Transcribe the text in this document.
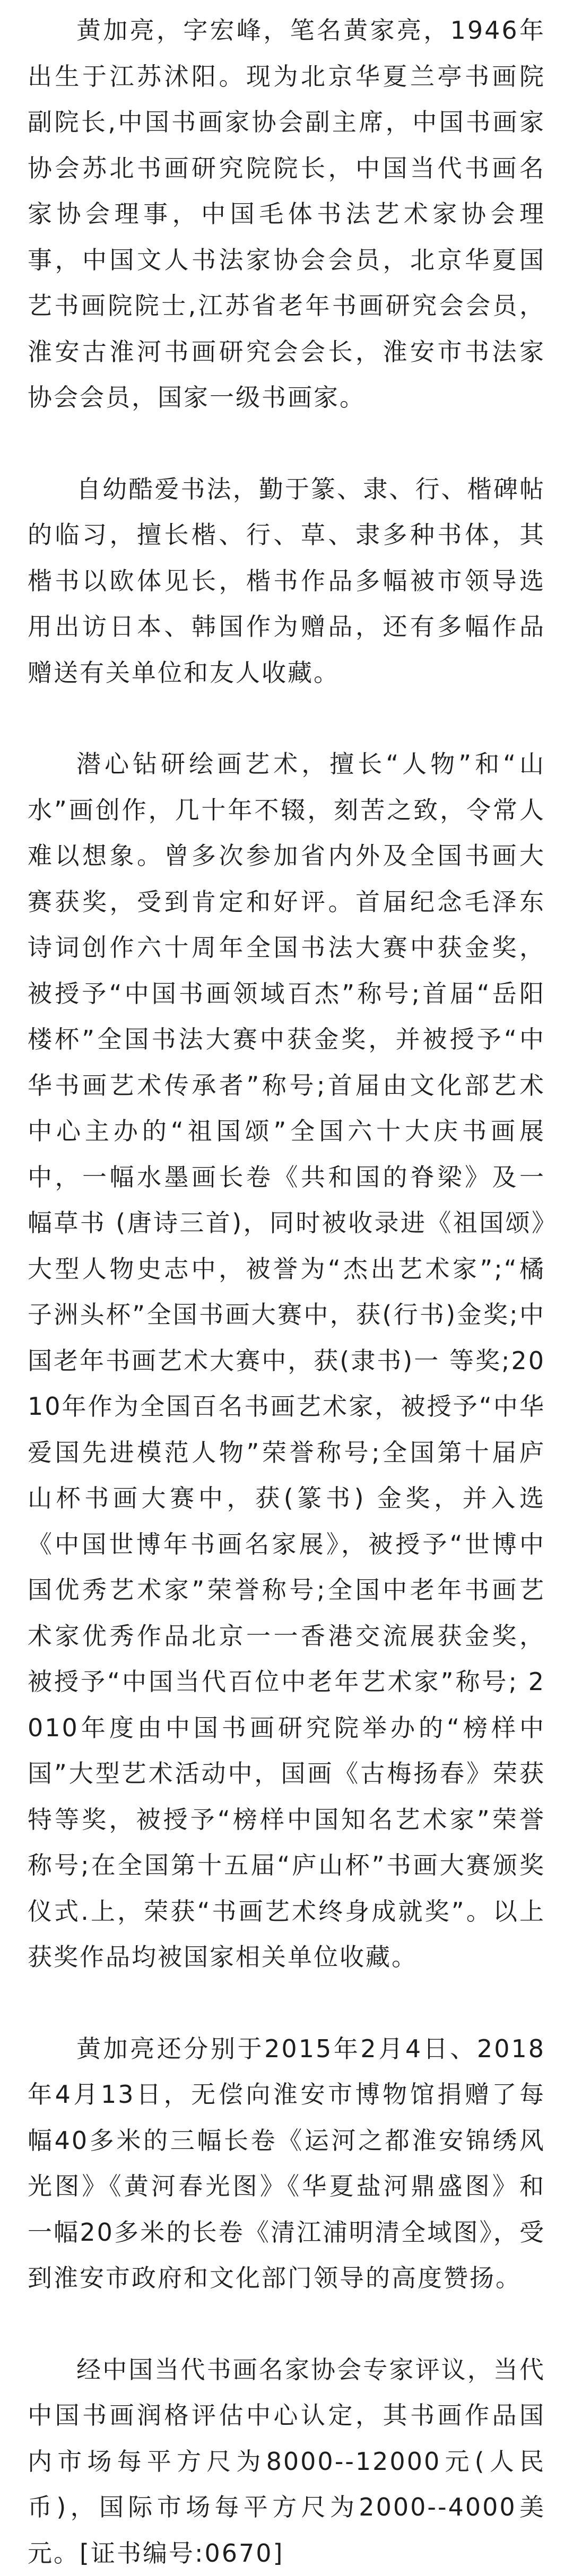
黄加亮，字宏峰，笔名黄家亮，1946年出生于江苏沭阳。现为北京华夏兰亭书画院副院长,中国书画家协会副主席，中国书画家协会苏北书画研究院院长，中国当代书画名家协会理事，中国毛体书法艺术家协会理事，中国文人书法家协会会员，北京华夏国艺书画院院士,江苏省老年书画研究会会员，淮安古淮河书画研究会会长，淮安市书法家协会会员，国家一级书画家。

自幼酷爱书法，勤于篆、隶、行、楷碑帖的临习，擅长楷、行、草、隶多种书体，其楷书以欧体见长，楷书作品多幅被市领导选用出访日本、韩国作为赠品，还有多幅作品赠送有关单位和友人收藏。

潜心钻研绘画艺术，擅长“人物”和“山水”画创作，几十年不辍，刻苦之致，令常人难以想象。曾多次参加省内外及全国书画大赛获奖，受到肯定和好评。首届纪念毛泽东诗词创作六十周年全国书法大赛中获金奖，被授予“中国书画领域百杰”称号;首届“岳阳楼杯”全国书法大赛中获金奖，并被授予“中华书画艺术传承者”称号;首届由文化部艺术中心主办的“祖国颂”全国六十大庆书画展中，一幅水墨画长卷《共和国的脊梁》及一幅草书 (唐诗三首)，同时被收录进《祖国颂》大型人物史志中，被誉为“杰出艺术家”;“橘子洲头杯”全国书画大赛中，获(行书)金奖;中国老年书画艺术大赛中，获(隶书)一 等奖;2010年作为全国百名书画艺术家，被授予“中华爱国先进模范人物”荣誉称号;全国第十届庐山杯书画大赛中，获(篆书) 金奖，并入选《中国世博年书画名家展》，被授予“世博中国优秀艺术家”荣誉称号;全国中老年书画艺术家优秀作品北京一一香港交流展获金奖，被授予“中国当代百位中老年艺术家”称号; 2010年度由中国书画研究院举办的“榜样中国”大型艺术活动中，国画《古梅扬春》荣获特等奖，被授予“榜样中国知名艺术家”荣誉称号;在全国第十五届“庐山杯”书画大赛颁奖仪式.上，荣获“书画艺术终身成就奖”。以上获奖作品均被国家相关单位收藏。

黄加亮还分别于2015年2月4日、2018年4月13日，无偿向淮安市博物馆捐赠了每幅40多米的三幅长卷《运河之都淮安锦绣风光图》《黄河春光图》《华夏盐河鼎盛图》和一幅20多米的长卷《清江浦明清全域图》，受到淮安市政府和文化部门领导的高度赞扬。

经中国当代书画名家协会专家评议，当代中国书画润格评估中心认定，其书画作品国内市场每平方尺为8000--12000元(人民币)，国际市场每平方尺为2000--4000美元。[证书编号:0670]
